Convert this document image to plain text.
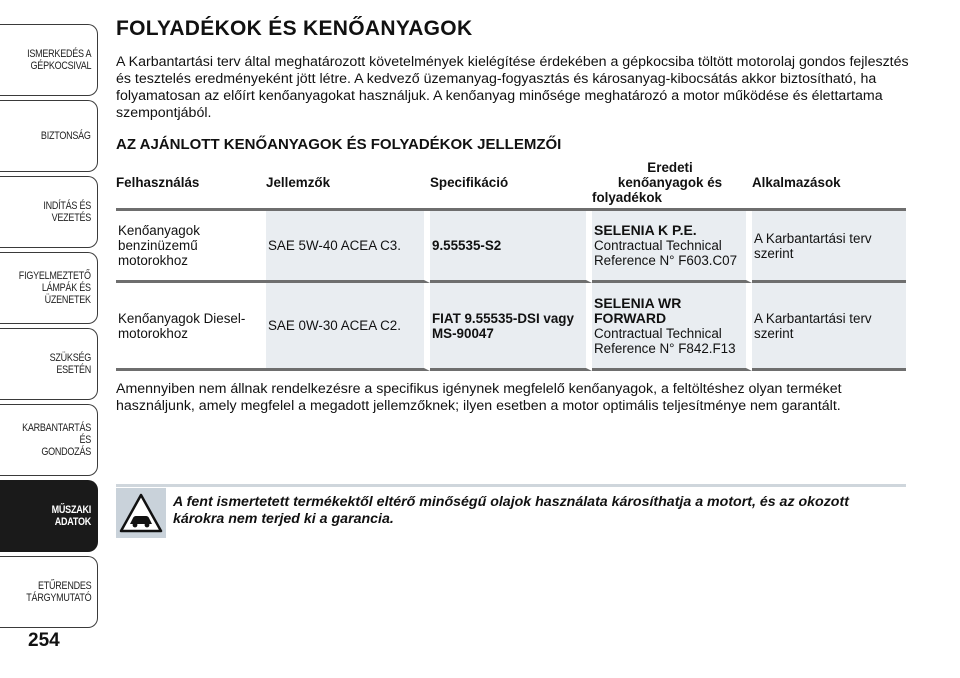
ISMERKEDÉS A
GÉPKOCSIVAL
BIZTONSÁG
INDÍTÁS ÉS VEZETÉS
FIGYELMEZTETŐ
LÁMPÁK ÉS
ÜZENETEK
SZÜKSÉG ESETÉN
KARBANTARTÁS ÉS
GONDOZÁS
MŰSZAKI
ADATOK
ETŰRENDES
TÁRGYMUTATÓ
254
FOLYADÉKOK ÉS KENŐANYAGOK

A Karbantartási terv által meghatározott követelmények kielégítése érdekében a gépkocsiba töltött motorolaj gondos fejlesztés és tesztelés eredményeként jött létre. A kedvező üzemanyag-fogyasztás és károsanyag-kibocsátás akkor biztosítható, ha folyamatosan az előírt kenőanyagokat használjuk. A kenőanyag minősége meghatározó a motor működése és élettartama szempontjából.

AZ AJÁNLOTT KENŐANYAGOK ÉS FOLYADÉKOK JELLEMZŐI
Felhasználás	Jellemzők	Specifikáció	Eredeti
kenőanyagok és
folyadékok	Alkalmazások
Kenőanyagok benzinüzemű motorokhoz	SAE 5W-40 ACEA C3.	9.55535-S2	SELENIA K P.E.
Contractual Technical Reference N° F603.C07	A Karbantartási terv szerint
Kenőanyagok Diesel-motorokhoz	SAE 0W-30 ACEA C2.	FIAT 9.55535-DSI vagy MS-90047	SELENIA WR FORWARD
Contractual Technical Reference N° F842.F13	A Karbantartási terv szerint

Amennyiben nem állnak rendelkezésre a specifikus igénynek megfelelő kenőanyagok, a feltöltéshez olyan terméket használjunk, amely megfelel a megadott jellemzőknek; ilyen esetben a motor optimális teljesítménye nem garantált.

A fent ismertetett termékektől eltérő minőségű olajok használata károsíthatja a motort, és az okozott károkra nem terjed ki a garancia.
